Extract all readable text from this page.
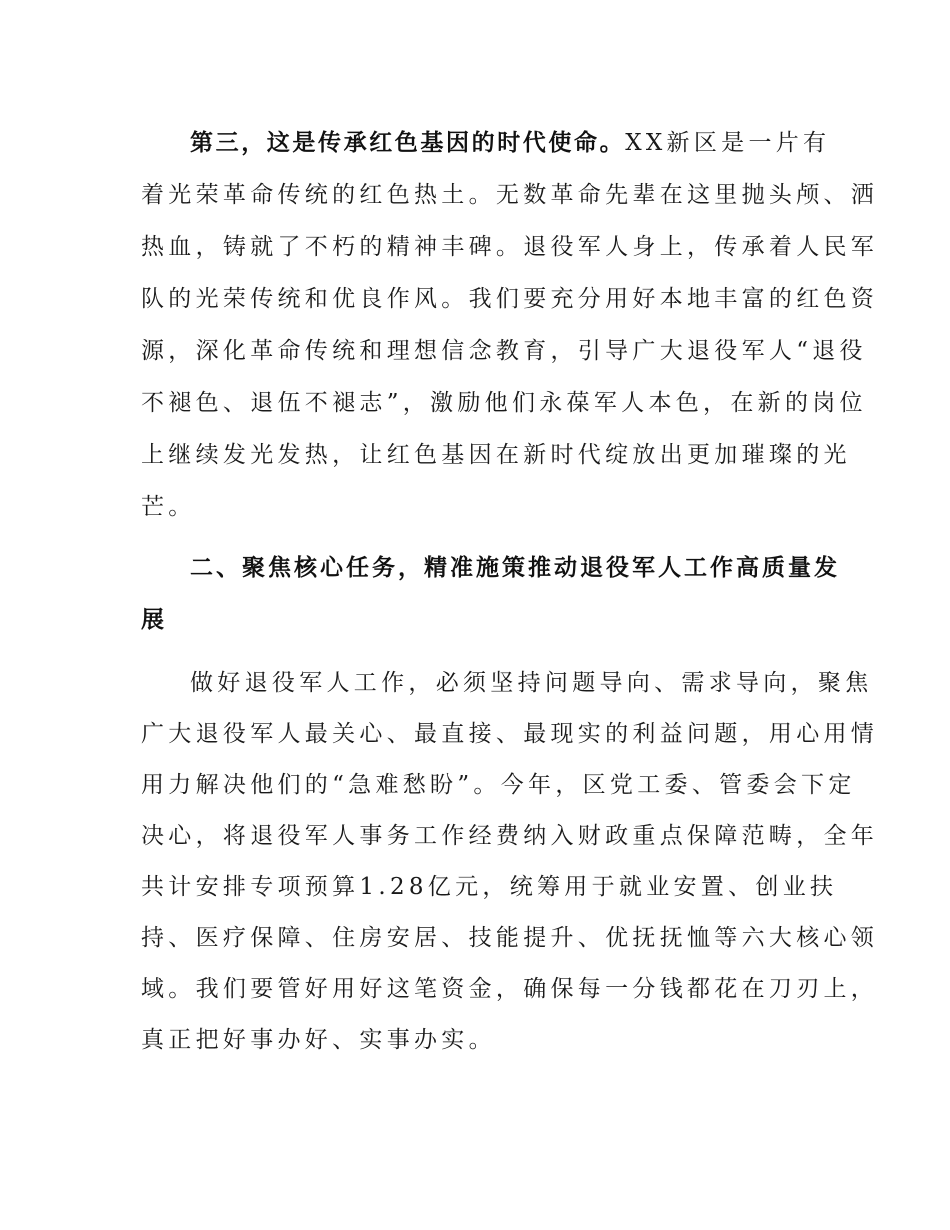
第三，这是传承红色基因的时代使命。XX新区是一片有

着光荣革命传统的红色热土。无数革命先辈在这里抛头颅、洒

热血，铸就了不朽的精神丰碑。退役军人身上，传承着人民军

队的光荣传统和优良作风。我们要充分用好本地丰富的红色资

源，深化革命传统和理想信念教育，引导广大退役军人“退役

不褪色、退伍不褪志”，激励他们永葆军人本色，在新的岗位

上继续发光发热，让红色基因在新时代绽放出更加璀璨的光

芒。

二、聚焦核心任务，精准施策推动退役军人工作高质量发

展

做好退役军人工作，必须坚持问题导向、需求导向，聚焦

广大退役军人最关心、最直接、最现实的利益问题，用心用情

用力解决他们的“急难愁盼”。今年，区党工委、管委会下定

决心，将退役军人事务工作经费纳入财政重点保障范畴，全年

共计安排专项预算1.28亿元，统筹用于就业安置、创业扶

持、医疗保障、住房安居、技能提升、优抚抚恤等六大核心领

域。我们要管好用好这笔资金，确保每一分钱都花在刀刃上，

真正把好事办好、实事办实。
